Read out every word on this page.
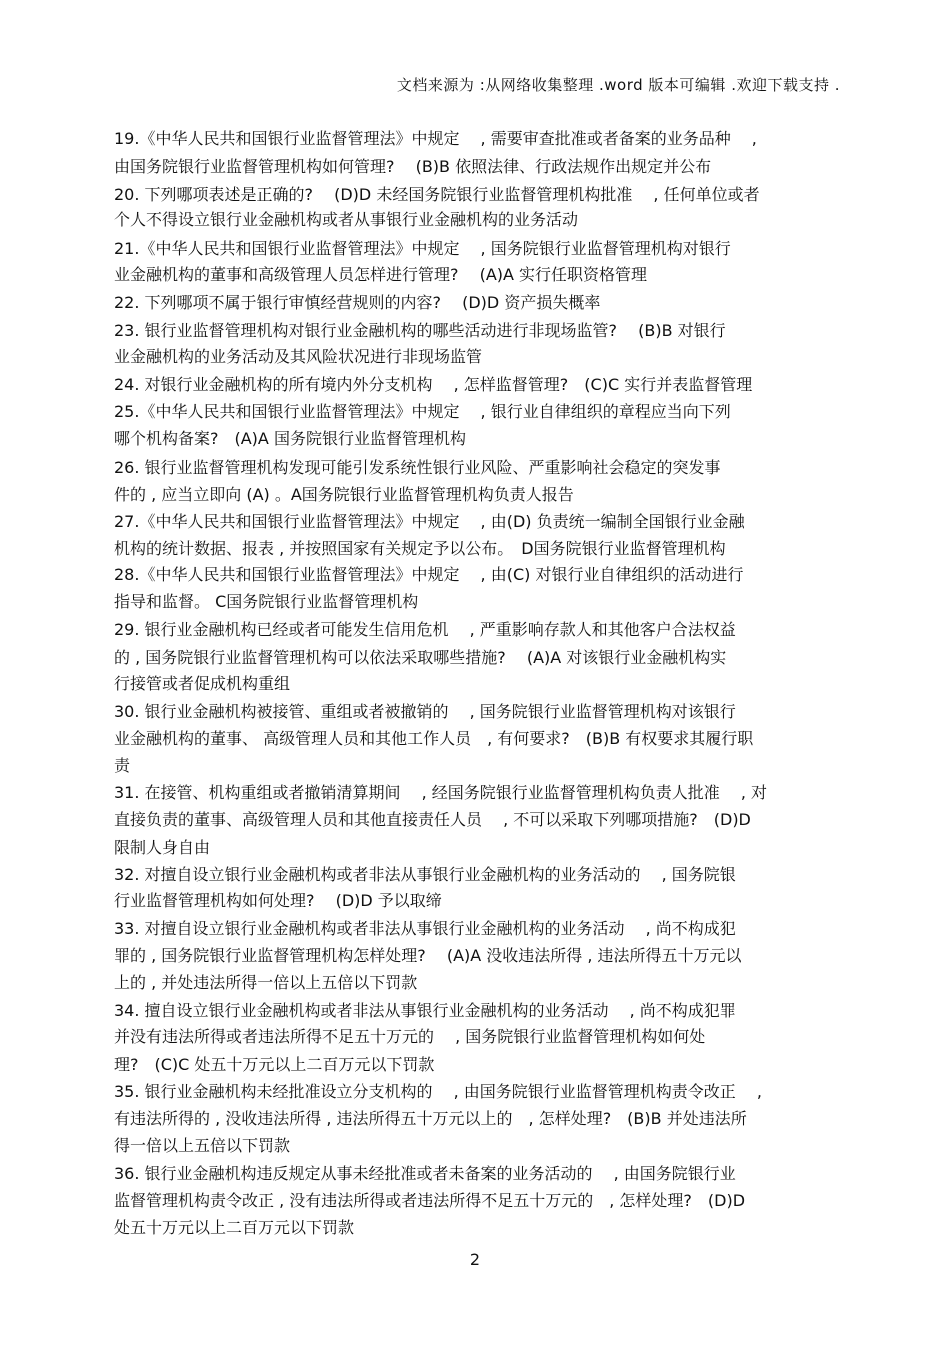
文档来源为 :从网络收集整理 .word 版本可编辑 .欢迎下载支持 .
19.《中华人民共和国银行业监督管理法》中规定　 , 需要审查批准或者备案的业务品种　 ,
由国务院银行业监督管理机构如何管理?　 (B)B 依照法律、行政法规作出规定并公布
20. 下列哪项表述是正确的?　 (D)D 未经国务院银行业监督管理机构批准　 , 任何单位或者
个人不得设立银行业金融机构或者从事银行业金融机构的业务活动
21.《中华人民共和国银行业监督管理法》中规定　 , 国务院银行业监督管理机构对银行
业金融机构的董事和高级管理人员怎样进行管理?　 (A)A 实行任职资格管理
22. 下列哪项不属于银行审慎经营规则的内容?　 (D)D 资产损失概率
23. 银行业监督管理机构对银行业金融机构的哪些活动进行非现场监管?　 (B)B 对银行
业金融机构的业务活动及其风险状况进行非现场监管
24. 对银行业金融机构的所有境内外分支机构　 , 怎样监督管理?　(C)C 实行并表监督管理
25.《中华人民共和国银行业监督管理法》中规定　 , 银行业自律组织的章程应当向下列
哪个机构备案?　(A)A 国务院银行业监督管理机构
26. 银行业监督管理机构发现可能引发系统性银行业风险、严重影响社会稳定的突发事
件的 , 应当立即向 (A) 。A国务院银行业监督管理机构负责人报告
27.《中华人民共和国银行业监督管理法》中规定　 , 由(D) 负责统一编制全国银行业金融
机构的统计数据、报表 , 并按照国家有关规定予以公布。　D国务院银行业监督管理机构
28.《中华人民共和国银行业监督管理法》中规定　 , 由(C) 对银行业自律组织的活动进行
指导和监督。 C国务院银行业监督管理机构
29. 银行业金融机构已经或者可能发生信用危机　 , 严重影响存款人和其他客户合法权益
的 , 国务院银行业监督管理机构可以依法采取哪些措施?　 (A)A 对该银行业金融机构实
行接管或者促成机构重组
30. 银行业金融机构被接管、重组或者被撤销的　 , 国务院银行业监督管理机构对该银行
业金融机构的董事、 高级管理人员和其他工作人员　, 有何要求?　(B)B 有权要求其履行职
责
31. 在接管、机构重组或者撤销清算期间　 , 经国务院银行业监督管理机构负责人批准　 , 对
直接负责的董事、高级管理人员和其他直接责任人员　 , 不可以采取下列哪项措施?　(D)D
限制人身自由
32. 对擅自设立银行业金融机构或者非法从事银行业金融机构的业务活动的　 , 国务院银
行业监督管理机构如何处理?　 (D)D 予以取缔
33. 对擅自设立银行业金融机构或者非法从事银行业金融机构的业务活动　 , 尚不构成犯
罪的 , 国务院银行业监督管理机构怎样处理?　 (A)A 没收违法所得 , 违法所得五十万元以
上的 , 并处违法所得一倍以上五倍以下罚款
34. 擅自设立银行业金融机构或者非法从事银行业金融机构的业务活动　 , 尚不构成犯罪
并没有违法所得或者违法所得不足五十万元的　 , 国务院银行业监督管理机构如何处
理?　(C)C 处五十万元以上二百万元以下罚款
35. 银行业金融机构未经批准设立分支机构的　 , 由国务院银行业监督管理机构责令改正　 ,
有违法所得的 , 没收违法所得 , 违法所得五十万元以上的　, 怎样处理?　(B)B 并处违法所
得一倍以上五倍以下罚款
36. 银行业金融机构违反规定从事未经批准或者未备案的业务活动的　 , 由国务院银行业
监督管理机构责令改正 , 没有违法所得或者违法所得不足五十万元的　, 怎样处理?　(D)D
处五十万元以上二百万元以下罚款
2
